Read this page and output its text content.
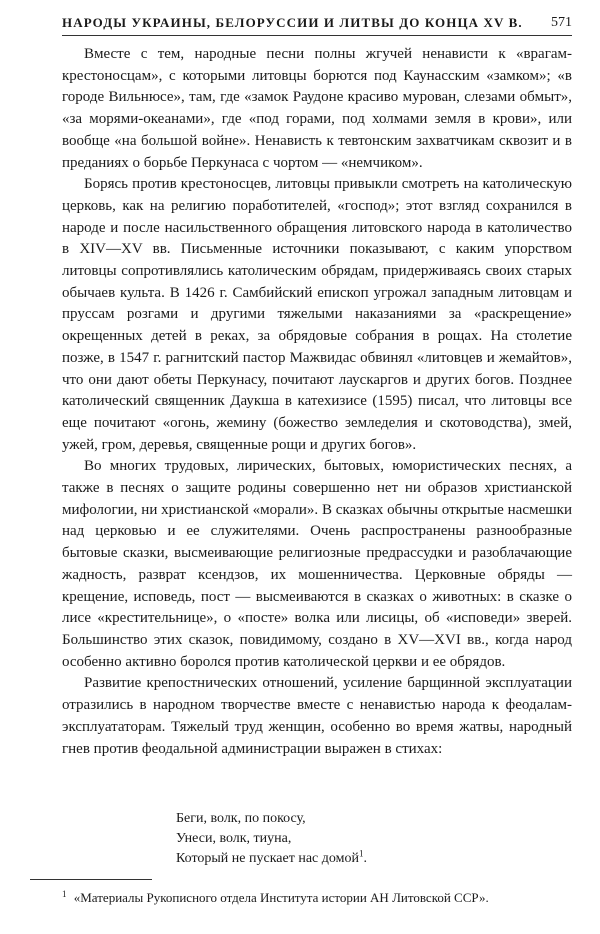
НАРОДЫ УКРАИНЫ, БЕЛОРУССИИ И ЛИТВЫ ДО КОНЦА XV В. 571

Вместе с тем, народные песни полны жгучей ненависти к «врагам-крестоносцам», с которыми литовцы борются под Каунасским «замком»; «в городе Вильнюсе», там, где «замок Раудоне красиво мурован, слезами обмыт», «за морями-океанами», где «под горами, под холмами земля в крови», или вообще «на большой войне». Ненависть к тевтонским захватчикам сквозит и в преданиях о борьбе Перкунаса с чортом — «немчиком».

Борясь против крестоносцев, литовцы привыкли смотреть на католическую церковь, как на религию поработителей, «господ»; этот взгляд сохранился в народе и после насильственного обращения литовского народа в католичество в XIV—XV вв. Письменные источники показывают, с каким упорством литовцы сопротивлялись католическим обрядам, придерживаясь своих старых обычаев культа. В 1426 г. Самбийский епископ угрожал западным литовцам и пруссам розгами и другими тяжелыми наказаниями за «раскрещение» окрещенных детей в реках, за обрядовые собрания в рощах. На столетие позже, в 1547 г. рагнитский пастор Мажвидас обвинял «литовцев и жемайтов», что они дают обеты Перкунасу, почитают лаускаргов и других богов. Позднее католический священник Даукша в катехизисе (1595) писал, что литовцы все еще почитают «огонь, жемину (божество земледелия и скотоводства), змей, ужей, гром, деревья, священные рощи и других богов».

Во многих трудовых, лирических, бытовых, юмористических песнях, а также в песнях о защите родины совершенно нет ни образов христианской мифологии, ни христианской «морали». В сказках обычны открытые насмешки над церковью и ее служителями. Очень распространены разнообразные бытовые сказки, высмеивающие религиозные предрассудки и разоблачающие жадность, разврат ксендзов, их мошенничества. Церковные обряды — крещение, исповедь, пост — высмеиваются в сказках о животных: в сказке о лисе «крестительнице», о «посте» волка или лисицы, об «исповеди» зверей. Большинство этих сказок, повидимому, создано в XV—XVI вв., когда народ особенно активно боролся против католической церкви и ее обрядов.

Развитие крепостнических отношений, усиление барщинной эксплуатации отразились в народном творчестве вместе с ненавистью народа к феодалам-эксплуататорам. Тяжелый труд женщин, особенно во время жатвы, народный гнев против феодальной администрации выражен в стихах:

Беги, волк, по покосу,
Унеси, волк, тиуна,
Который не пускает нас домой$^1$.
$^1$ «Материалы Рукописного отдела Института истории АН Литовской ССР».
